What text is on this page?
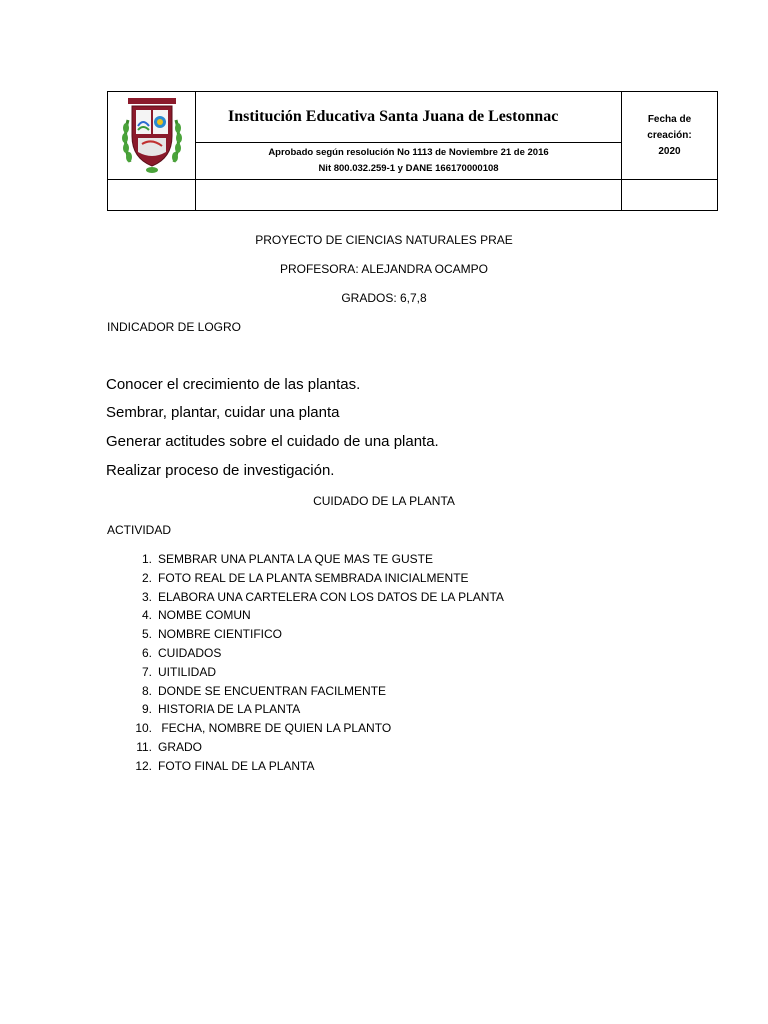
	Institución Educativa Santa Juana de Lestonnac	Fecha de
creación:
2020

	Aprobado según resolución No 1113 de Noviembre 21 de 2016
Nit 800.032.259-1 y DANE 166170000108	

PROYECTO DE CIENCIAS NATURALES PRAE
PROFESORA: ALEJANDRA OCAMPO
GRADOS: 6,7,8
INDICADOR DE LOGRO
Conocer el crecimiento de las plantas.
Sembrar, plantar, cuidar una planta
Generar actitudes sobre el cuidado de una planta.
Realizar proceso de investigación.
CUIDADO DE LA PLANTA
ACTIVIDAD
1. SEMBRAR UNA PLANTA LA QUE MAS TE GUSTE
2. FOTO REAL DE LA PLANTA SEMBRADA INICIALMENTE
3. ELABORA UNA CARTELERA CON LOS DATOS DE LA PLANTA
4. NOMBE COMUN
5. NOMBRE CIENTIFICO
6. CUIDADOS
7. UITILIDAD
8. DONDE SE ENCUENTRAN FACILMENTE
9. HISTORIA DE LA PLANTA
10. FECHA, NOMBRE DE QUIEN LA PLANTO
11. GRADO
12. FOTO FINAL DE LA PLANTA
